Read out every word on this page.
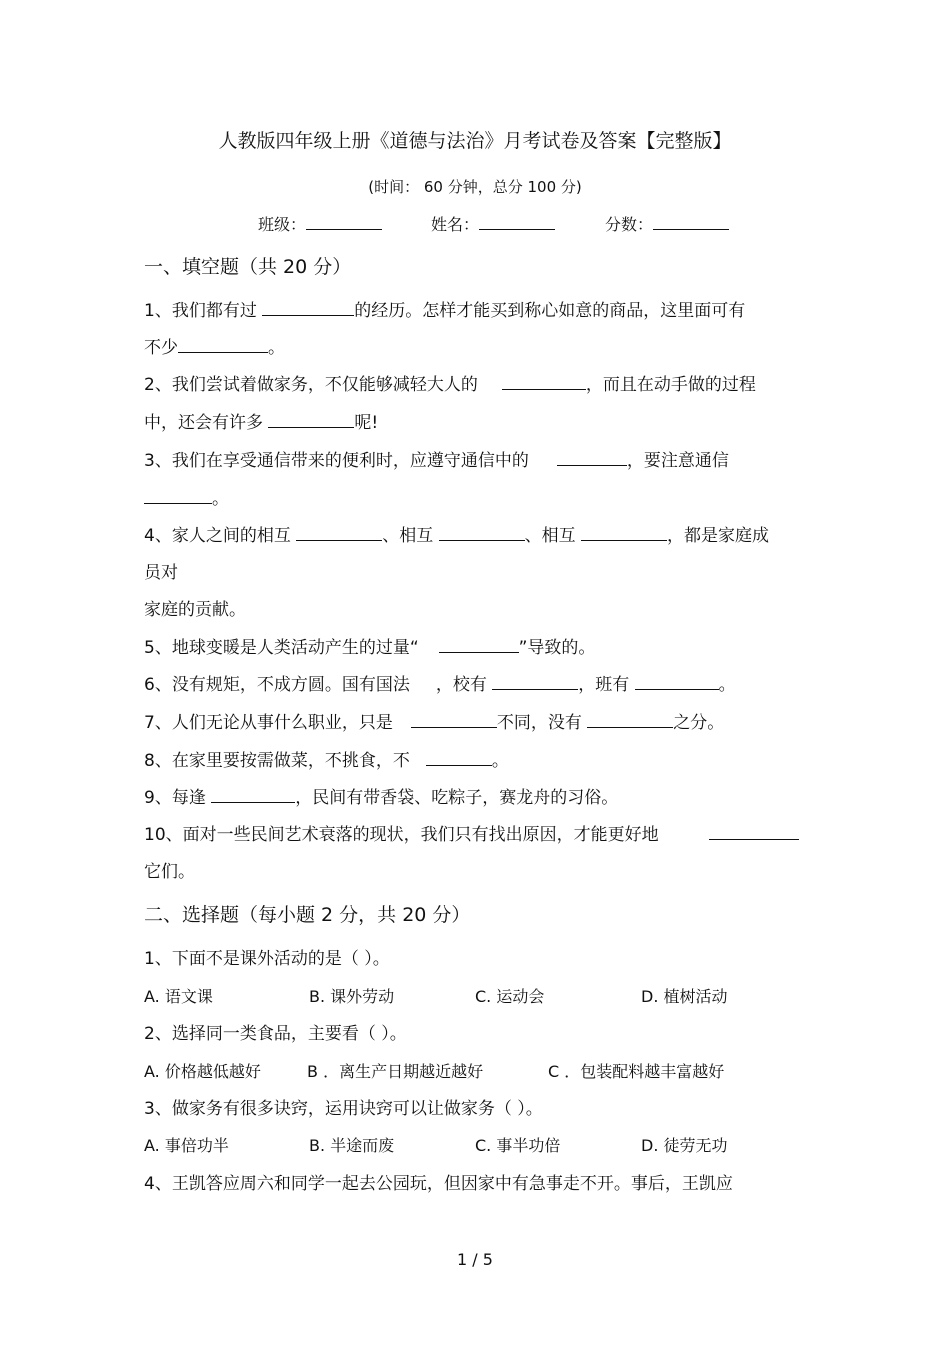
人教版四年级上册《道德与法治》月考试卷及答案【完整版】
(时间： 60 分钟，总分 100 分)
班级：	姓名：	分数：
一、填空题（共 20 分）
1、我们都有过	的经历。怎样才能买到称心如意的商品，这里面可有
不少	。
2、我们尝试着做家务，不仅能够减轻大人的	，而且在动手做的过程
中，还会有许多	呢!
3、我们在享受通信带来的便利时，应遵守通信中的	，要注意通信
。
4、家人之间的相互	、相互	、相互	，都是家庭成
员对
家庭的贡献。
5、地球变暖是人类活动产生的过量“	”导致的。
6、没有规矩，不成方圆。国有国法 ，校有	，班有	。
7、人们无论从事什么职业，只是	不同，没有	之分。
8、在家里要按需做菜，不挑食，不	。
9、每逢	，民间有带香袋、吃粽子，赛龙舟的习俗。
10、面对一些民间艺术衰落的现状，我们只有找出原因，才能更好地
它们。
二、选择题（每小题 2 分，共 20 分）
1、下面不是课外活动的是（ ）。
A. 语文课	B. 课外劳动	C. 运动会	D. 植树活动
2、选择同一类食品，主要看（ ）。
A. 价格越低越好	B ．离生产日期越近越好	C ．包装配料越丰富越好
3、做家务有很多诀窍，运用诀窍可以让做家务（ ）。
A. 事倍功半	B. 半途而废	C. 事半功倍	D. 徒劳无功
4、王凯答应周六和同学一起去公园玩，但因家中有急事走不开。事后，王凯应
1 / 5
